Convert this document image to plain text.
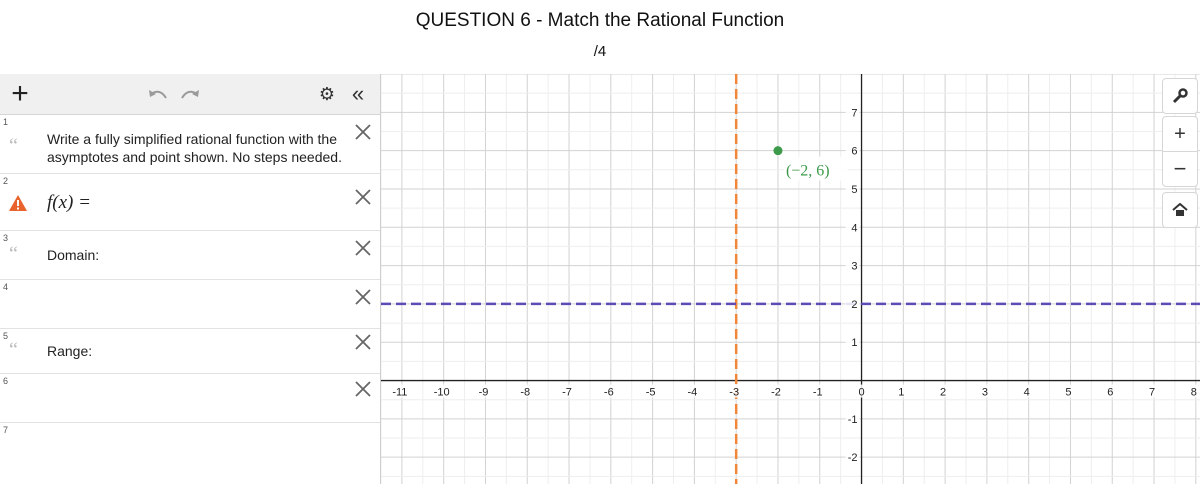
QUESTION 6 - Match the Rational Function
/4
+	⚙ «
1
“ Write a fully simplified rational function with the
asymptotes and point shown. No steps needed.
2
f(x) =
3
“ Domain:
4
5
“ Range:
6
7
-11 -10	-9	-8	-7	-6	-5	-4	-3	-2	-1	0	1	2	3	4	5	6	7	8
7
6
5
4
3
2
1
-1
-2
(−2, 6)
+
−
